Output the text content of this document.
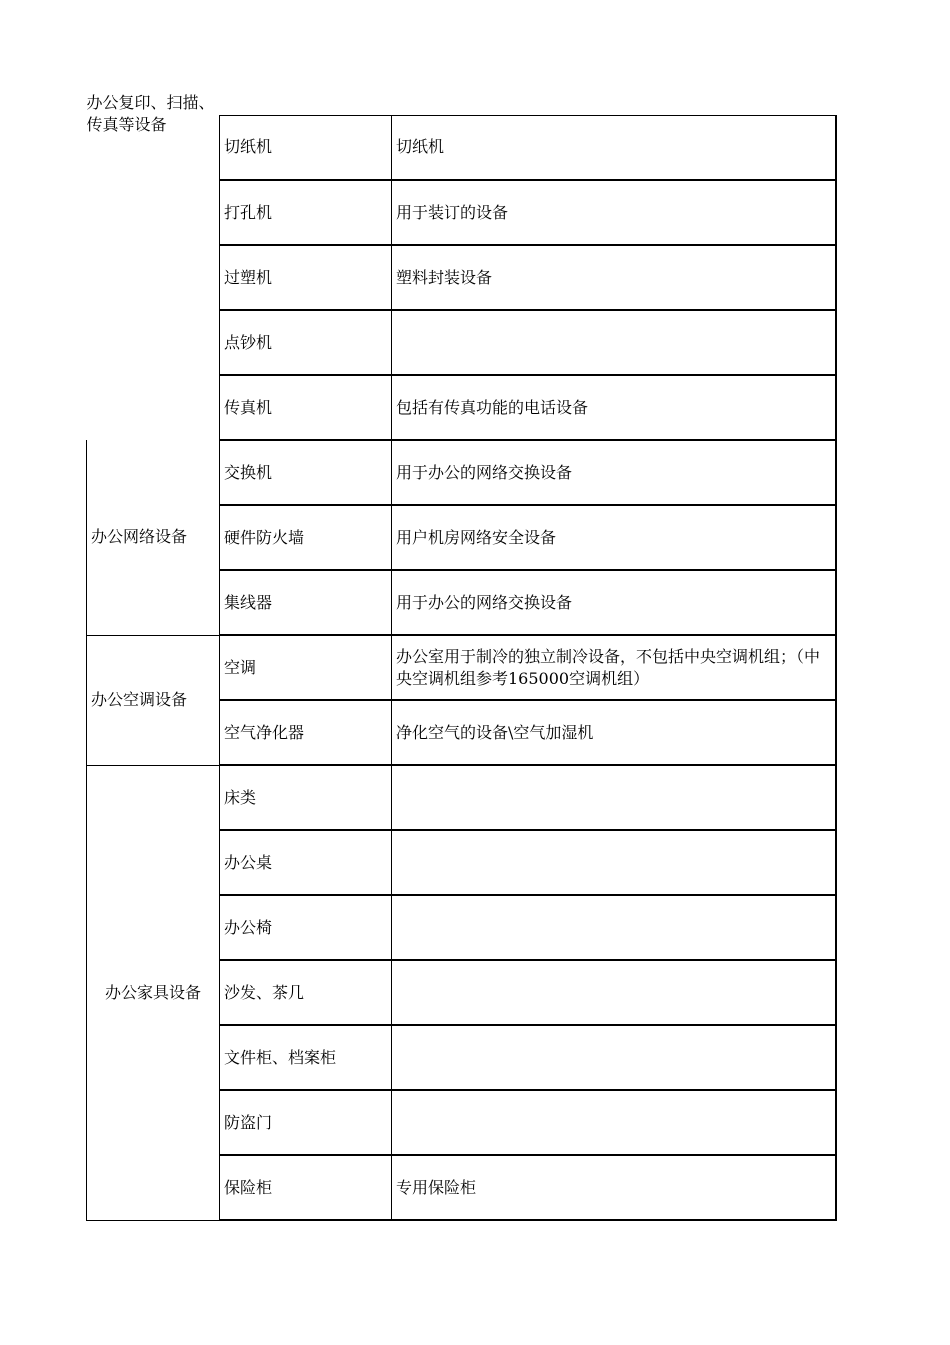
办公复印、扫描、传真等设备		
	切纸机	切纸机
	打孔机	用于装订的设备
	过塑机	塑料封装设备
	点钞机	
	传真机	包括有传真功能的电话设备
办公网络设备	交换机	用于办公的网络交换设备
	硬件防火墙	用户机房网络安全设备
	集线器	用于办公的网络交换设备
办公空调设备	空调	办公室用于制冷的独立制冷设备，不包括中央空调机组；（中央空调机组参考165000空调机组）
	空气净化器	净化空气的设备\空气加湿机
办公家具设备	床类	
	办公桌	
	办公椅	
	沙发、茶几	
	文件柜、档案柜	
	防盗门	
	保险柜	专用保险柜
